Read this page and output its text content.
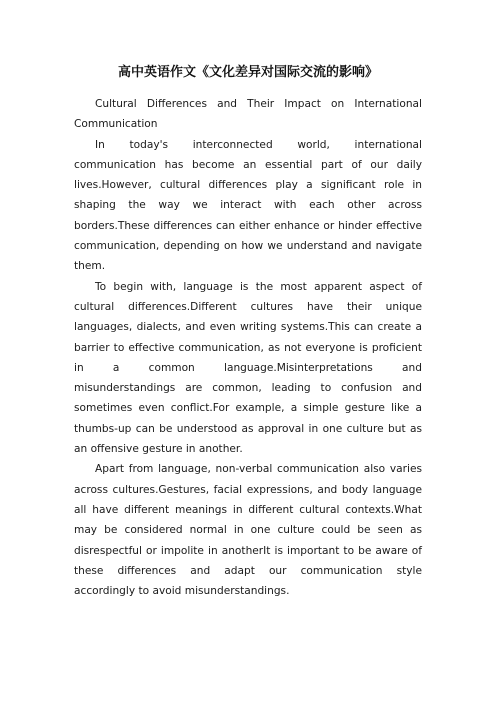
高中英语作文《文化差异对国际交流的影响》

Cultural Differences and Their Impact on International Communication

In today's interconnected world, international communication has become an essential part of our daily lives.However, cultural differences play a significant role in shaping the way we interact with each other across borders.These differences can either enhance or hinder effective communication, depending on how we understand and navigate them.

To begin with, language is the most apparent aspect of cultural differences.Different cultures have their unique languages, dialects, and even writing systems.This can create a barrier to effective communication, as not everyone is proficient in a common language.Misinterpretations and misunderstandings are common, leading to confusion and sometimes even conflict.For example, a simple gesture like a thumbs-up can be understood as approval in one culture but as an offensive gesture in another.

Apart from language, non-verbal communication also varies across cultures.Gestures, facial expressions, and body language all have different meanings in different cultural contexts.What may be considered normal in one culture could be seen as disrespectful or impolite in anotherIt is important to be aware of these differences and adapt our communication style accordingly to avoid misunderstandings.
